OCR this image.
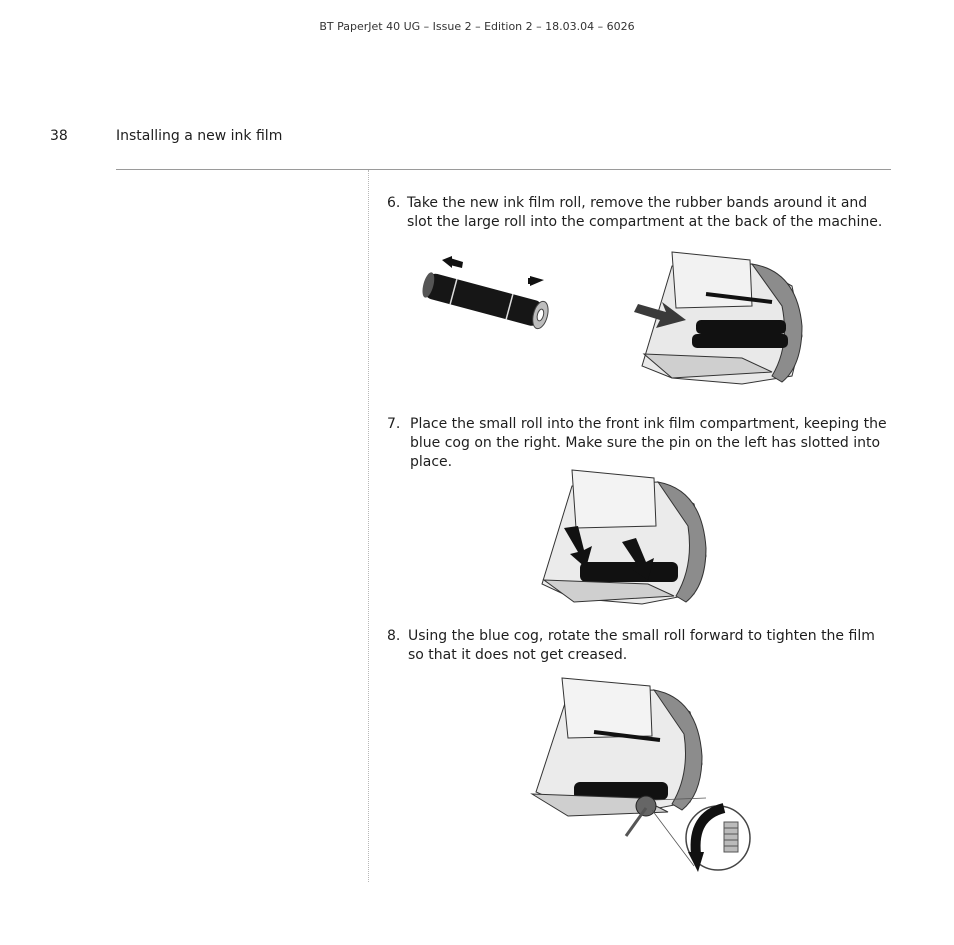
BT PaperJet 40 UG – Issue 2 – Edition 2 – 18.03.04 – 6026
38	Installing a new ink film
6. Take the new ink film roll, remove the rubber bands around it and slot the large roll into the compartment at the back of the machine.
7. Place the small roll into the front ink film compartment, keeping the blue cog on the right. Make sure the pin on the left has slotted into place.
8. Using the blue cog, rotate the small roll forward to tighten the film so that it does not get creased.
